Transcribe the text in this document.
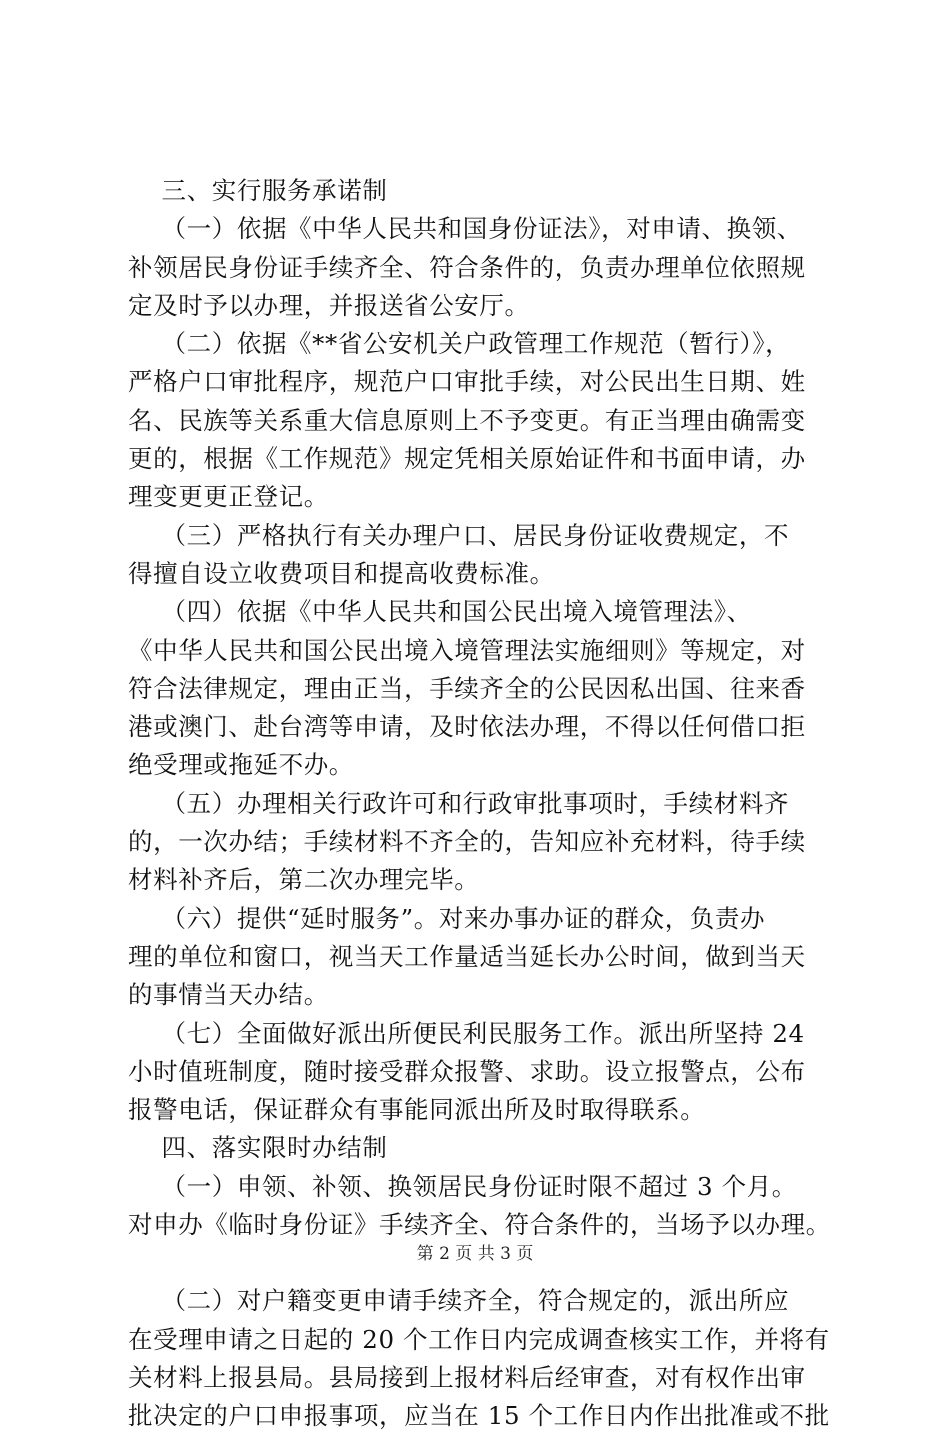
三、实行服务承诺制
（一）依据《中华人民共和国身份证法》，对申请、换领、
补领居民身份证手续齐全、符合条件的，负责办理单位依照规
定及时予以办理，并报送省公安厅。
（二）依据《**省公安机关户政管理工作规范（暂行）》，
严格户口审批程序，规范户口审批手续，对公民出生日期、姓
名、民族等关系重大信息原则上不予变更。有正当理由确需变
更的，根据《工作规范》规定凭相关原始证件和书面申请，办
理变更更正登记。
（三）严格执行有关办理户口、居民身份证收费规定，不
得擅自设立收费项目和提高收费标准。
（四）依据《中华人民共和国公民出境入境管理法》、
《中华人民共和国公民出境入境管理法实施细则》等规定，对
符合法律规定，理由正当，手续齐全的公民因私出国、往来香
港或澳门、赴台湾等申请，及时依法办理，不得以任何借口拒
绝受理或拖延不办。
（五）办理相关行政许可和行政审批事项时，手续材料齐
的，一次办结；手续材料不齐全的，告知应补充材料，待手续
材料补齐后，第二次办理完毕。
（六）提供“延时服务”。对来办事办证的群众，负责办
理的单位和窗口，视当天工作量适当延长办公时间，做到当天
的事情当天办结。
（七）全面做好派出所便民利民服务工作。派出所坚持 24
小时值班制度，随时接受群众报警、求助。设立报警点，公布
报警电话，保证群众有事能同派出所及时取得联系。
四、落实限时办结制
（一）申领、补领、换领居民身份证时限不超过 3 个月。
对申办《临时身份证》手续齐全、符合条件的，当场予以办理。
（二）对户籍变更申请手续齐全，符合规定的，派出所应
在受理申请之日起的 20 个工作日内完成调查核实工作，并将有
关材料上报县局。县局接到上报材料后经审查，对有权作出审
批决定的户口申报事项，应当在 15 个工作日内作出批准或不批
第 2 页 共 3 页
